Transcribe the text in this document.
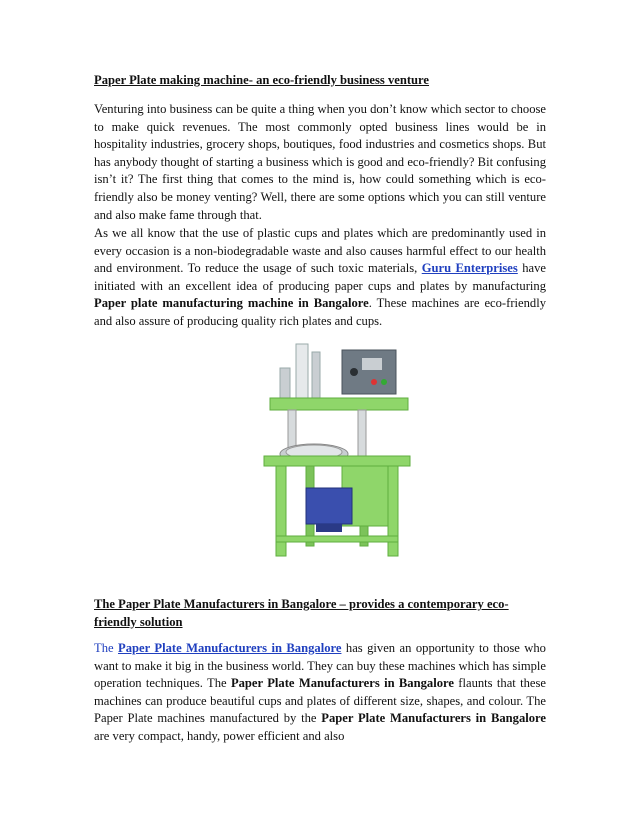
Paper Plate making machine- an eco-friendly business venture

Venturing into business can be quite a thing when you don’t know which sector to choose to make quick revenues. The most commonly opted business lines would be in hospitality industries, grocery shops, boutiques, food industries and cosmetics shops. But has anybody thought of starting a business which is good and eco-friendly? Bit confusing isn’t it? The first thing that comes to the mind is, how could something which is eco-friendly also be money venting? Well, there are some options which you can still venture and also make fame through that.

As we all know that the use of plastic cups and plates which are predominantly used in every occasion is a non-biodegradable waste and also causes harmful effect to our health and environment. To reduce the usage of such toxic materials, Guru Enterprises have initiated with an excellent idea of producing paper cups and plates by manufacturing Paper plate manufacturing machine in Bangalore. These machines are eco-friendly and also assure of producing quality rich plates and cups.

The Paper Plate Manufacturers in Bangalore – provides a contemporary eco-friendly solution

The Paper Plate Manufacturers in Bangalore has given an opportunity to those who want to make it big in the business world. They can buy these machines which has simple operation techniques. The Paper Plate Manufacturers in Bangalore flaunts that these machines can produce beautiful cups and plates of different size, shapes, and colour. The Paper Plate machines manufactured by the Paper Plate Manufacturers in Bangalore are very compact, handy, power efficient and also
